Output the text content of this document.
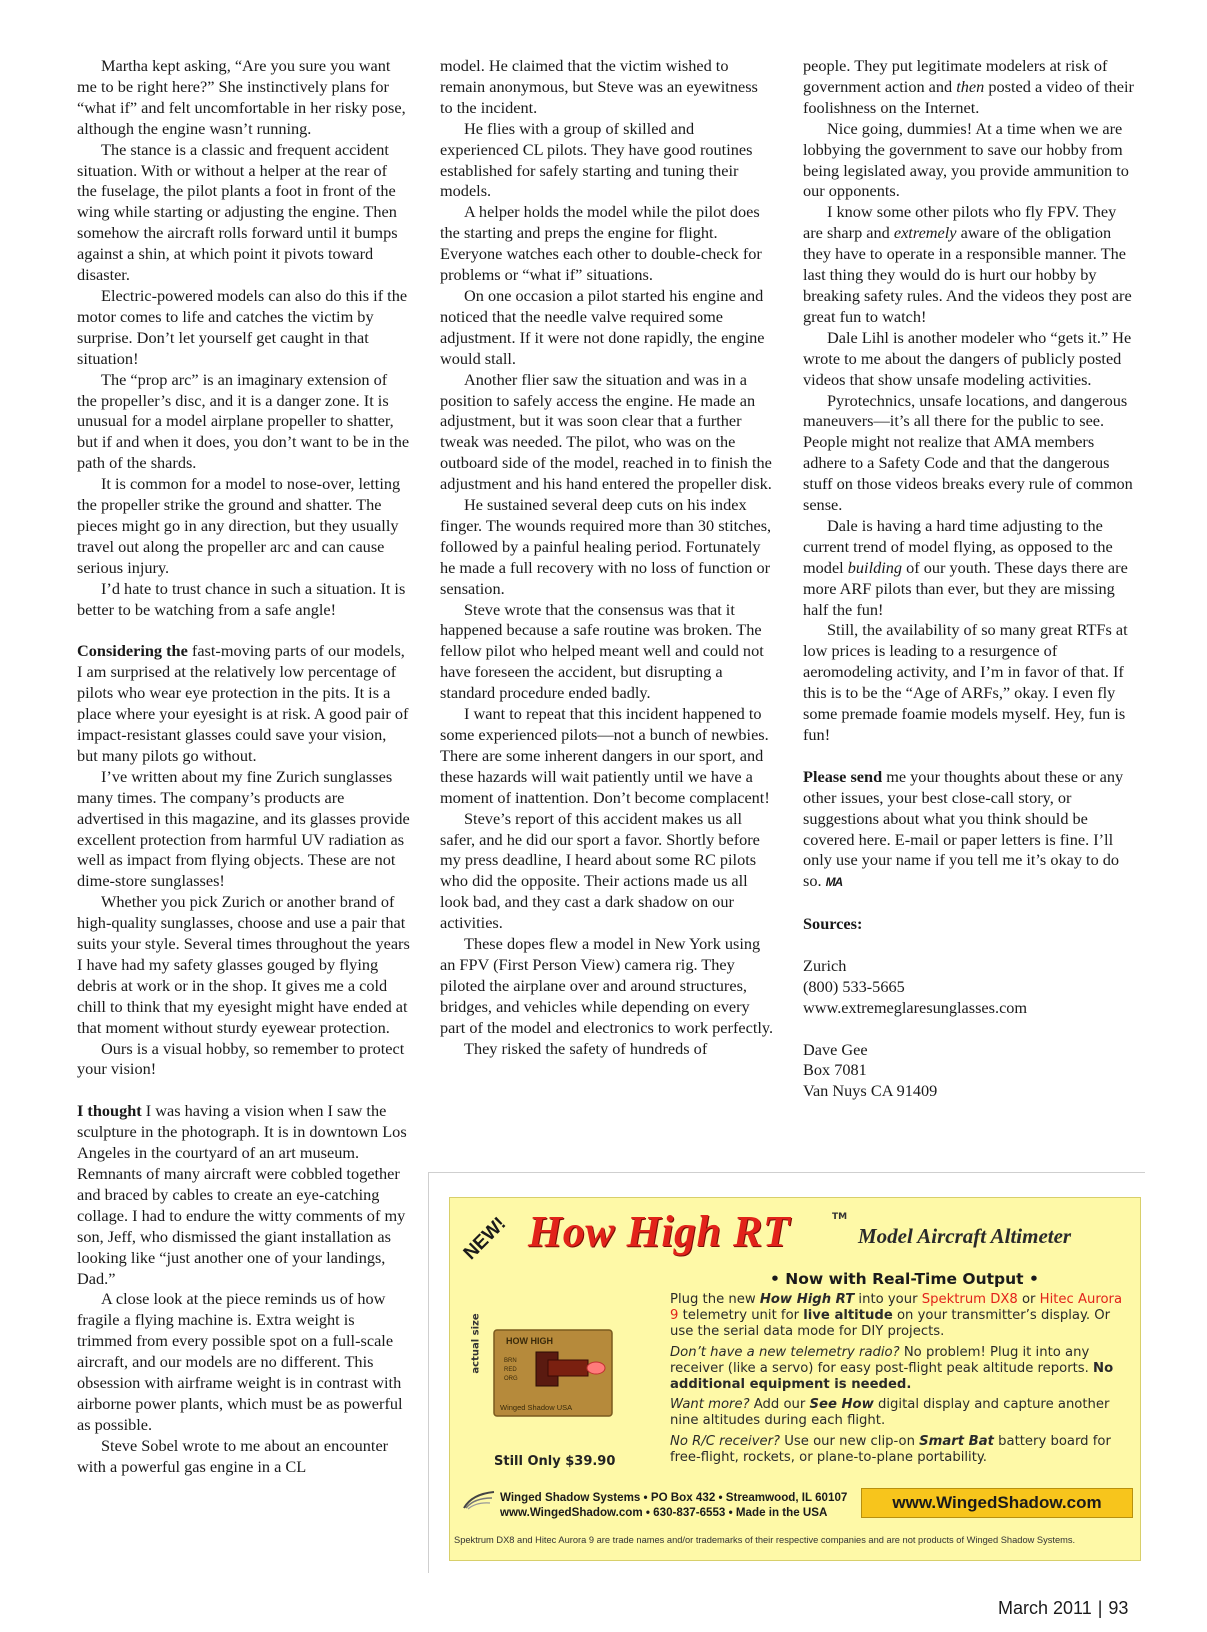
Martha kept asking, “Are you sure you want me to be right here?” She instinctively plans for “what if” and felt uncomfortable in her risky pose, although the engine wasn’t running.

The stance is a classic and frequent accident situation. With or without a helper at the rear of the fuselage, the pilot plants a foot in front of the wing while starting or adjusting the engine. Then somehow the aircraft rolls forward until it bumps against a shin, at which point it pivots toward disaster.

Electric-powered models can also do this if the motor comes to life and catches the victim by surprise. Don’t let yourself get caught in that situation!

The “prop arc” is an imaginary extension of the propeller’s disc, and it is a danger zone. It is unusual for a model airplane propeller to shatter, but if and when it does, you don’t want to be in the path of the shards.

It is common for a model to nose-over, letting the propeller strike the ground and shatter. The pieces might go in any direction, but they usually travel out along the propeller arc and can cause serious injury.

I’d hate to trust chance in such a situation. It is better to be watching from a safe angle!

Considering the fast-moving parts of our models, I am surprised at the relatively low percentage of pilots who wear eye protection in the pits. It is a place where your eyesight is at risk. A good pair of impact-resistant glasses could save your vision, but many pilots go without.

I’ve written about my fine Zurich sunglasses many times. The company’s products are advertised in this magazine, and its glasses provide excellent protection from harmful UV radiation as well as impact from flying objects. These are not dime-store sunglasses!

Whether you pick Zurich or another brand of high-quality sunglasses, choose and use a pair that suits your style. Several times throughout the years I have had my safety glasses gouged by flying debris at work or in the shop. It gives me a cold chill to think that my eyesight might have ended at that moment without sturdy eyewear protection.

Ours is a visual hobby, so remember to protect your vision!

I thought I was having a vision when I saw the sculpture in the photograph. It is in downtown Los Angeles in the courtyard of an art museum. Remnants of many aircraft were cobbled together and braced by cables to create an eye-catching collage. I had to endure the witty comments of my son, Jeff, who dismissed the giant installation as looking like “just another one of your landings, Dad.”

A close look at the piece reminds us of how fragile a flying machine is. Extra weight is trimmed from every possible spot on a full-scale aircraft, and our models are no different. This obsession with airframe weight is in contrast with airborne power plants, which must be as powerful as possible.

Steve Sobel wrote to me about an encounter with a powerful gas engine in a CL

model. He claimed that the victim wished to remain anonymous, but Steve was an eyewitness to the incident.

He flies with a group of skilled and experienced CL pilots. They have good routines established for safely starting and tuning their models.

A helper holds the model while the pilot does the starting and preps the engine for flight. Everyone watches each other to double-check for problems or “what if” situations.

On one occasion a pilot started his engine and noticed that the needle valve required some adjustment. If it were not done rapidly, the engine would stall.

Another flier saw the situation and was in a position to safely access the engine. He made an adjustment, but it was soon clear that a further tweak was needed. The pilot, who was on the outboard side of the model, reached in to finish the adjustment and his hand entered the propeller disk.

He sustained several deep cuts on his index finger. The wounds required more than 30 stitches, followed by a painful healing period. Fortunately he made a full recovery with no loss of function or sensation.

Steve wrote that the consensus was that it happened because a safe routine was broken. The fellow pilot who helped meant well and could not have foreseen the accident, but disrupting a standard procedure ended badly.

I want to repeat that this incident happened to some experienced pilots—not a bunch of newbies. There are some inherent dangers in our sport, and these hazards will wait patiently until we have a moment of inattention. Don’t become complacent!

Steve’s report of this accident makes us all safer, and he did our sport a favor. Shortly before my press deadline, I heard about some RC pilots who did the opposite. Their actions made us all look bad, and they cast a dark shadow on our activities.

These dopes flew a model in New York using an FPV (First Person View) camera rig. They piloted the airplane over and around structures, bridges, and vehicles while depending on every part of the model and electronics to work perfectly.

They risked the safety of hundreds of

people. They put legitimate modelers at risk of government action and then posted a video of their foolishness on the Internet.

Nice going, dummies! At a time when we are lobbying the government to save our hobby from being legislated away, you provide ammunition to our opponents.

I know some other pilots who fly FPV. They are sharp and extremely aware of the obligation they have to operate in a responsible manner. The last thing they would do is hurt our hobby by breaking safety rules. And the videos they post are great fun to watch!

Dale Lihl is another modeler who “gets it.” He wrote to me about the dangers of publicly posted videos that show unsafe modeling activities.

Pyrotechnics, unsafe locations, and dangerous maneuvers—it’s all there for the public to see. People might not realize that AMA members adhere to a Safety Code and that the dangerous stuff on those videos breaks every rule of common sense.

Dale is having a hard time adjusting to the current trend of model flying, as opposed to the model building of our youth. These days there are more ARF pilots than ever, but they are missing half the fun!

Still, the availability of so many great RTFs at low prices is leading to a resurgence of aeromodeling activity, and I’m in favor of that. If this is to be the “Age of ARFs,” okay. I even fly some premade foamie models myself. Hey, fun is fun!

Please send me your thoughts about these or any other issues, your best close-call story, or suggestions about what you think should be covered here. E-mail or paper letters is fine. I’ll only use your name if you tell me it’s okay to do so. MA

Sources:

Zurich
(800) 533-5665
www.extremeglaresunglasses.com
Dave Gee
Box 7081
Van Nuys CA 91409
NEW! How High RT	TM
Model Aircraft Altimeter
• Now with Real-Time Output •

Plug the new How High RT into your Spektrum DX8 or Hitec Aurora 9 telemetry unit for live altitude on your transmitter’s display. Or use the serial data mode for DIY projects.

Don’t have a new telemetry radio? No problem! Plug it into any receiver (like a servo) for easy post-flight peak altitude reports. No additional equipment is needed.

Want more? Add our See How digital display and capture another nine altitudes during each flight.

No R/C receiver? Use our new clip-on Smart Bat battery board for free-flight, rockets, or plane-to-plane portability.

actual size	HOW HIGH
BRN
RED
ORG
Winged Shadow USA
Still Only $39.90
Winged Shadow Systems • PO Box 432 • Streamwood, IL 60107
www.WingedShadow.com • 630-837-6553 • Made in the USA
www.WingedShadow.com
Spektrum DX8 and Hitec Aurora 9 are trade names and/or trademarks of their respective companies and are not products of Winged Shadow Systems.
March 2011 | 93
